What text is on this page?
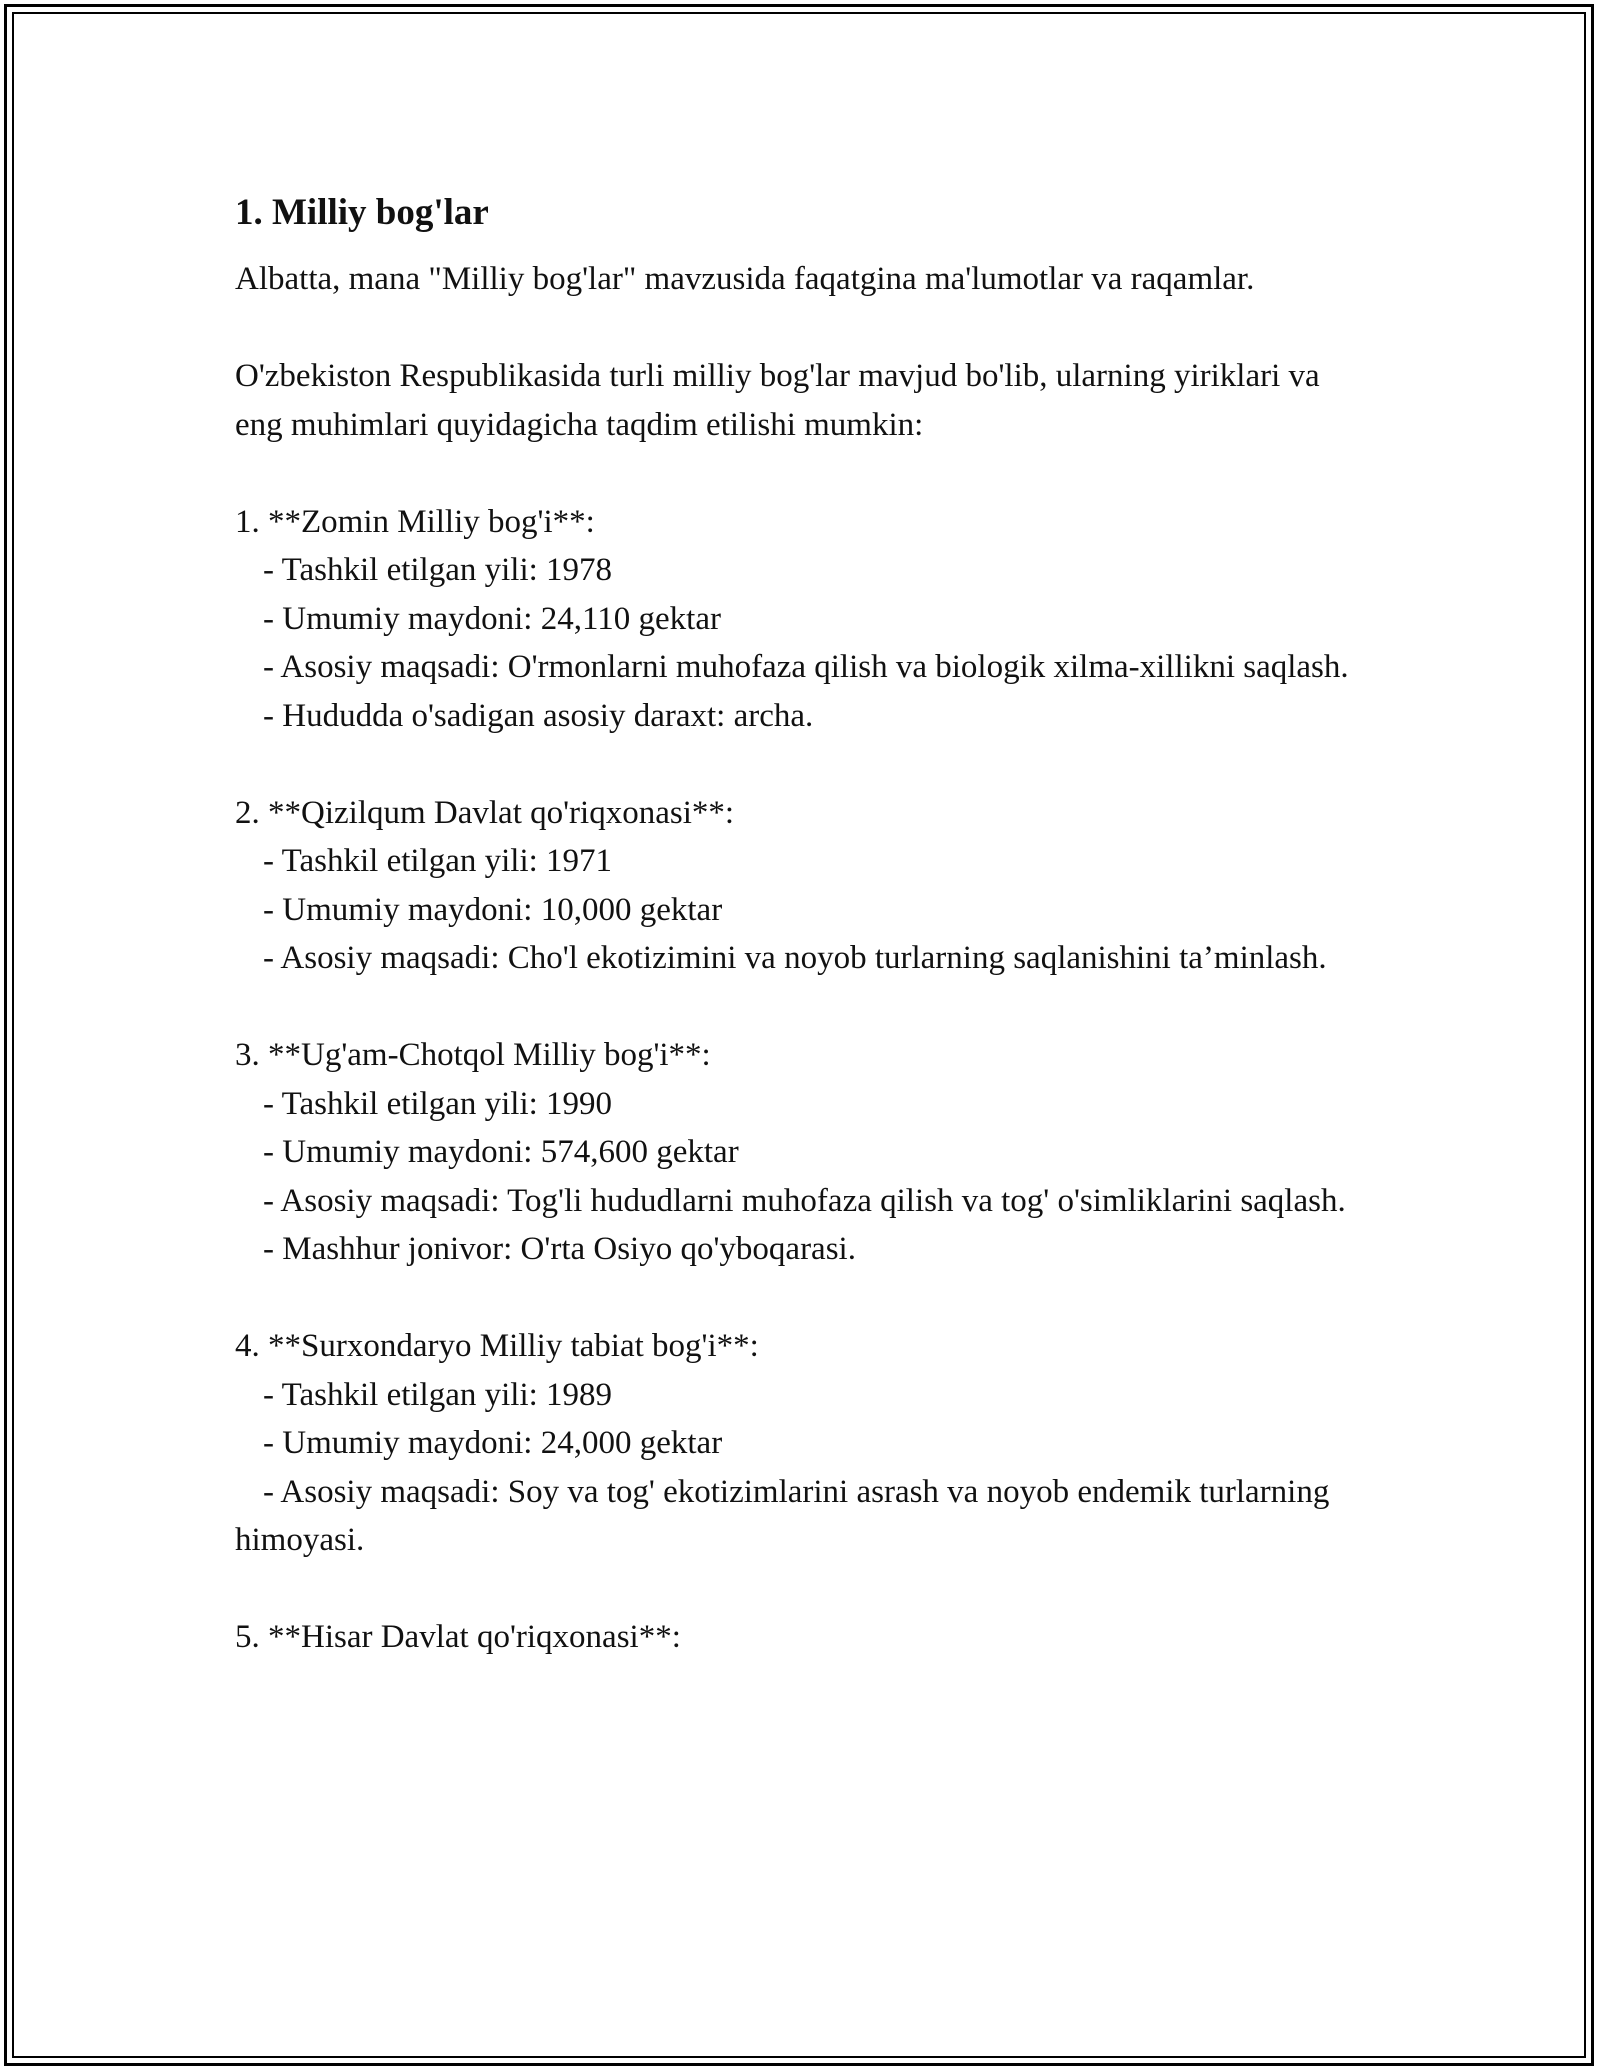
1. Milliy bog'lar

Albatta, mana "Milliy bog'lar" mavzusida faqatgina ma'lumotlar va raqamlar.

O'zbekiston Respublikasida turli milliy bog'lar mavjud bo'lib, ularning yiriklari va eng muhimlari quyidagicha taqdim etilishi mumkin:

1. **Zomin Milliy bog'i**:

- Tashkil etilgan yili: 1978

- Umumiy maydoni: 24,110 gektar

- Asosiy maqsadi: O'rmonlarni muhofaza qilish va biologik xilma-xillikni saqlash.

- Hududda o'sadigan asosiy daraxt: archa.

2. **Qizilqum Davlat qo'riqxonasi**:

- Tashkil etilgan yili: 1971

- Umumiy maydoni: 10,000 gektar

- Asosiy maqsadi: Cho'l ekotizimini va noyob turlarning saqlanishini ta’minlash.

3. **Ug'am-Chotqol Milliy bog'i**:

- Tashkil etilgan yili: 1990

- Umumiy maydoni: 574,600 gektar

- Asosiy maqsadi: Tog'li hududlarni muhofaza qilish va tog' o'simliklarini saqlash.

- Mashhur jonivor: O'rta Osiyo qo'yboqarasi.

4. **Surxondaryo Milliy tabiat bog'i**:

- Tashkil etilgan yili: 1989

- Umumiy maydoni: 24,000 gektar

- Asosiy maqsadi: Soy va tog' ekotizimlarini asrash va noyob endemik turlarning himoyasi.

5. **Hisar Davlat qo'riqxonasi**:
